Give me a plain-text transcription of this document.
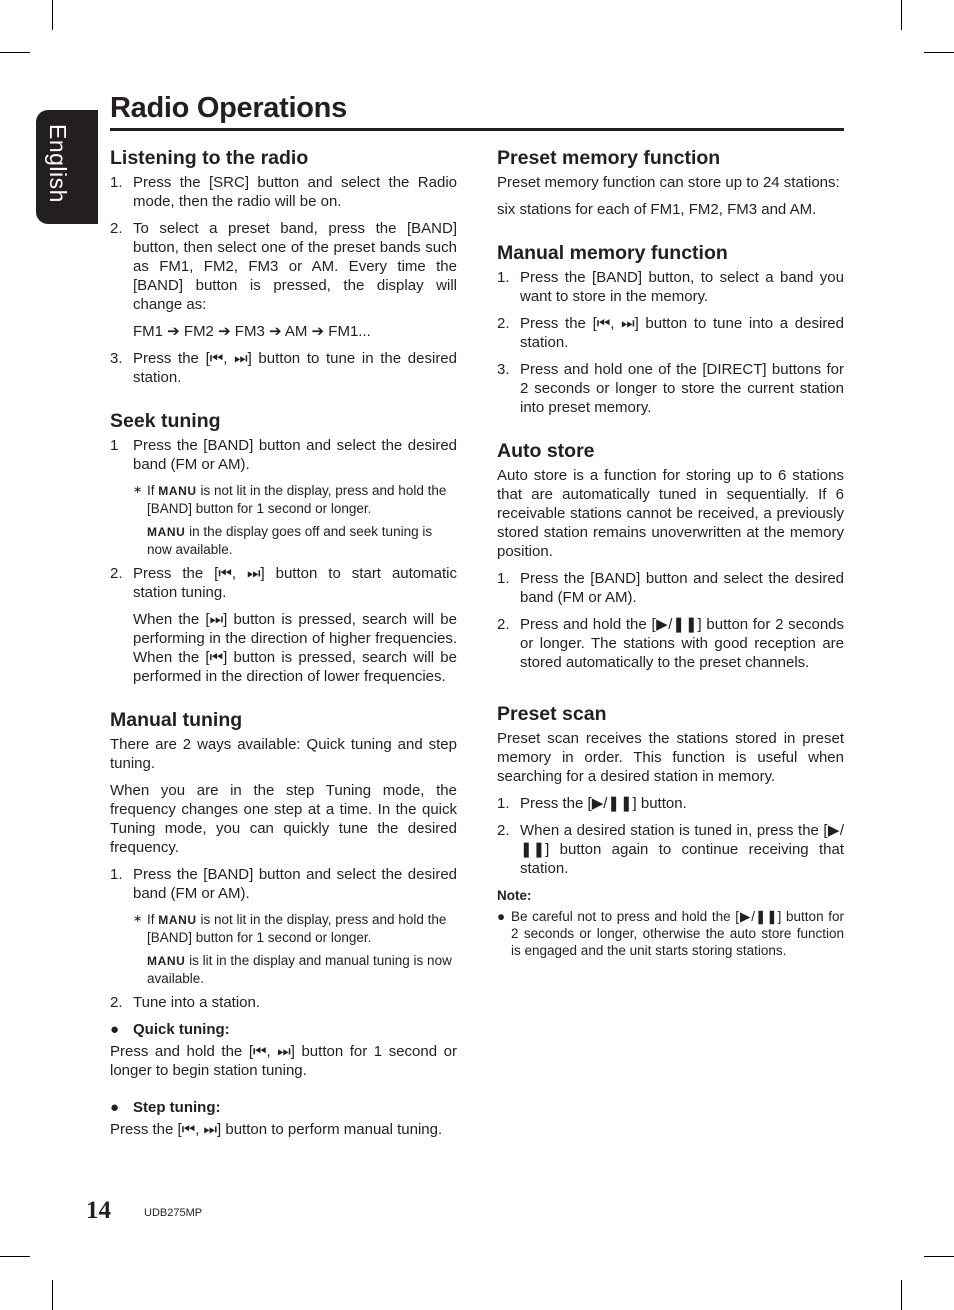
English
Radio Operations
Listening to the radio
1. Press the [SRC] button and select the Radio mode, then the radio will be on.
2. To select a preset band, press the [BAND] button, then select one of the preset bands such as FM1, FM2, FM3 or AM. Every time the [BAND] button is pressed, the display will change as:
FM1 ➔ FM2 ➔ FM3 ➔ AM ➔ FM1...
3. Press the [⏮, ⏭] button to tune in the desired station.
Seek tuning
1 Press the [BAND] button and select the desired band (FM or AM).
∗ If MANU is not lit in the display, press and hold the [BAND] button for 1 second or longer.
MANU in the display goes off and seek tuning is now available.
2. Press the [⏮, ⏭] button to start automatic station tuning.
When the [⏭] button is pressed, search will be performing in the direction of higher frequencies. When the [⏮] button is pressed, search will be performed in the direction of lower frequencies.
Manual tuning

There are 2 ways available: Quick tuning and step tuning.

When you are in the step Tuning mode, the frequency changes one step at a time. In the quick Tuning mode, you can quickly tune the desired frequency.

1. Press the [BAND] button and select the desired band (FM or AM).
∗ If MANU is not lit in the display, press and hold the [BAND] button for 1 second or longer.
MANU is lit in the display and manual tuning is now available.
2. Tune into a station.
● Quick tuning:

Press and hold the [⏮, ⏭] button for 1 second or longer to begin station tuning.

● Step tuning:

Press the [⏮, ⏭] button to perform manual tuning.

Preset memory function

Preset memory function can store up to 24 stations:

six stations for each of FM1, FM2, FM3 and AM.

Manual memory function
1. Press the [BAND] button, to select a band you want to store in the memory.
2. Press the [⏮, ⏭] button to tune into a desired station.
3. Press and hold one of the [DIRECT] buttons for 2 seconds or longer to store the current station into preset memory.
Auto store

Auto store is a function for storing up to 6 stations that are automatically tuned in sequentially. If 6 receivable stations cannot be received, a previously stored station remains unoverwritten at the memory position.

1. Press the [BAND] button and select the desired band (FM or AM).
2. Press and hold the [▶/❚❚] button for 2 seconds or longer. The stations with good reception are stored automatically to the preset channels.
Preset scan

Preset scan receives the stations stored in preset memory in order. This function is useful when searching for a desired station in memory.

1. Press the [▶/❚❚] button.
2. When a desired station is tuned in, press the [▶/❚❚] button again to continue receiving that station.
Note:
● Be careful not to press and hold the [▶/❚❚] button for 2 seconds or longer, otherwise the auto store function is engaged and the unit starts storing stations.
14	UDB275MP
